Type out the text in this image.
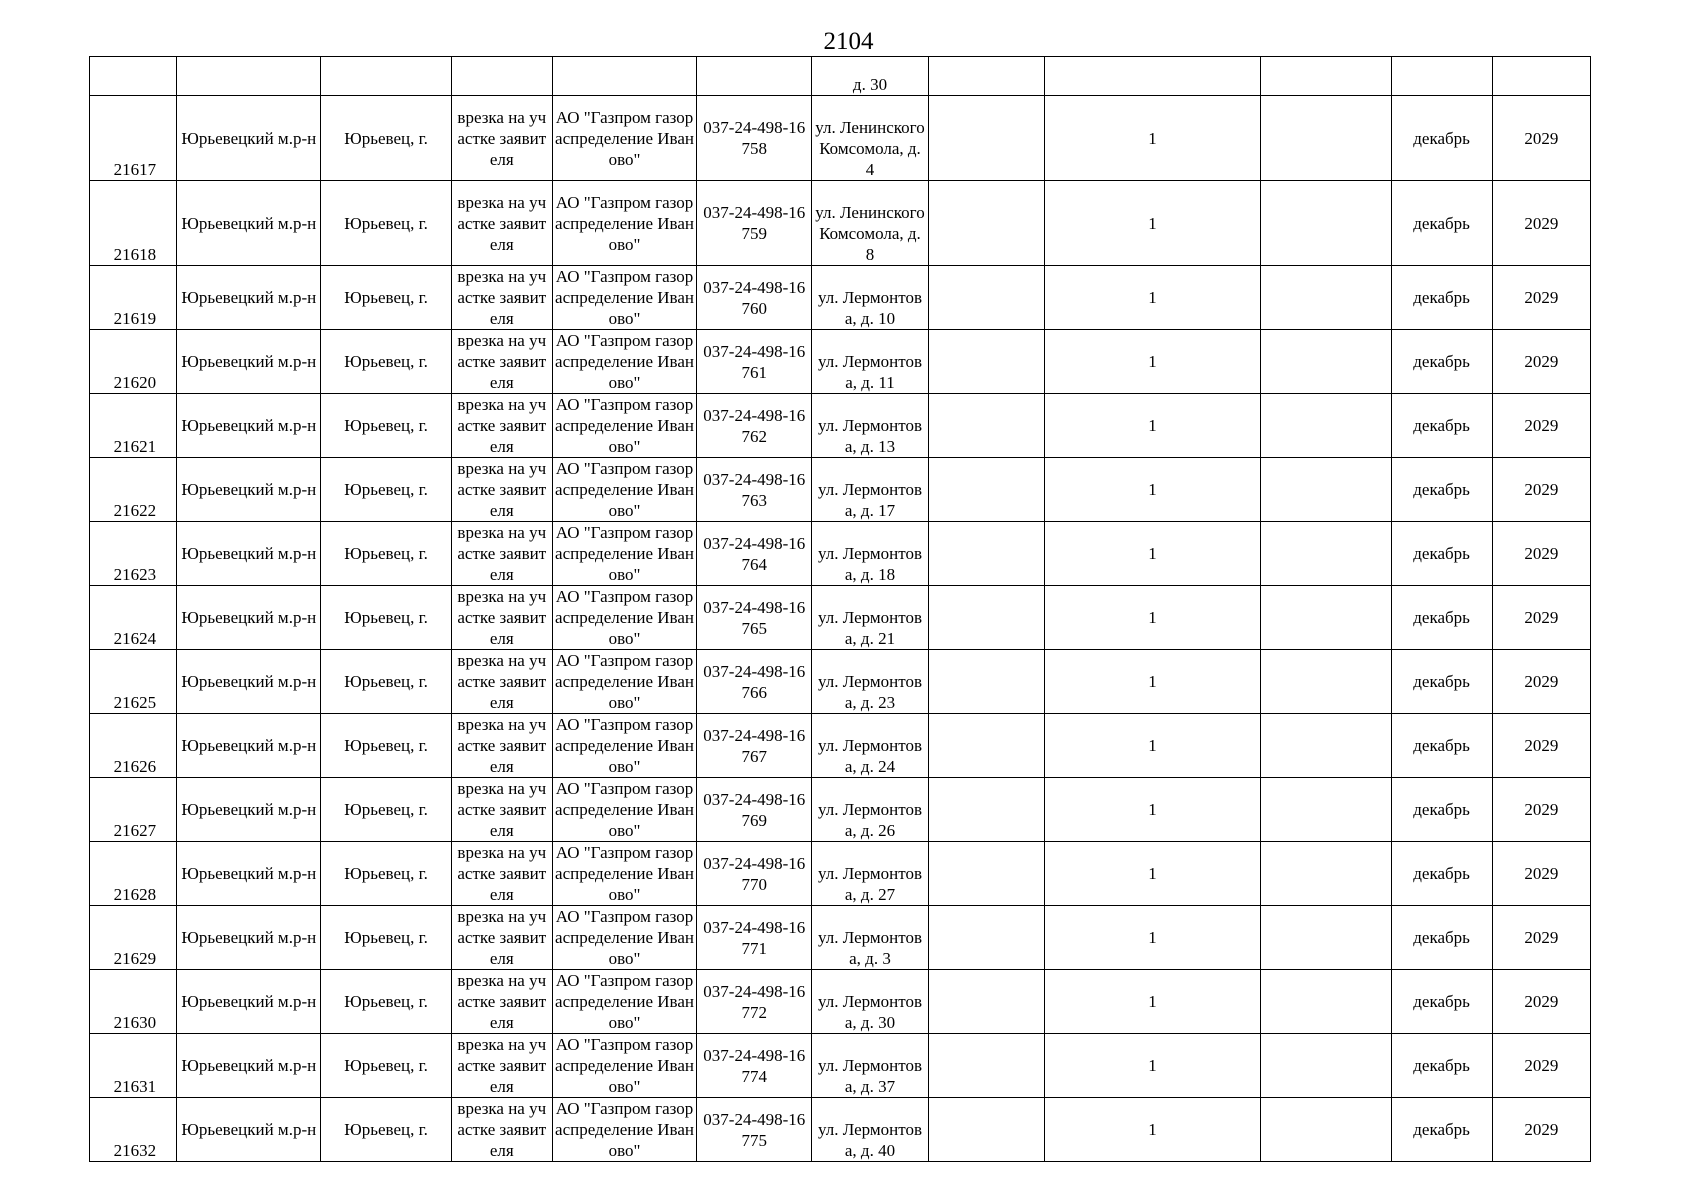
2104
						д. 30					
21617	Юрьевецкий м.р-н	Юрьевец, г.	врезка на участке заявителя	АО "Газпром газораспределение Иваново"	037-24-498-16758	ул. Ленинского Комсомола, д. 4		1		декабрь	2029
21618	Юрьевецкий м.р-н	Юрьевец, г.	врезка на участке заявителя	АО "Газпром газораспределение Иваново"	037-24-498-16759	ул. Ленинского Комсомола, д. 8		1		декабрь	2029
21619	Юрьевецкий м.р-н	Юрьевец, г.	врезка на участке заявителя	АО "Газпром газораспределение Иваново"	037-24-498-16760	ул. Лермонтова, д. 10		1		декабрь	2029
21620	Юрьевецкий м.р-н	Юрьевец, г.	врезка на участке заявителя	АО "Газпром газораспределение Иваново"	037-24-498-16761	ул. Лермонтова, д. 11		1		декабрь	2029
21621	Юрьевецкий м.р-н	Юрьевец, г.	врезка на участке заявителя	АО "Газпром газораспределение Иваново"	037-24-498-16762	ул. Лермонтова, д. 13		1		декабрь	2029
21622	Юрьевецкий м.р-н	Юрьевец, г.	врезка на участке заявителя	АО "Газпром газораспределение Иваново"	037-24-498-16763	ул. Лермонтова, д. 17		1		декабрь	2029
21623	Юрьевецкий м.р-н	Юрьевец, г.	врезка на участке заявителя	АО "Газпром газораспределение Иваново"	037-24-498-16764	ул. Лермонтова, д. 18		1		декабрь	2029
21624	Юрьевецкий м.р-н	Юрьевец, г.	врезка на участке заявителя	АО "Газпром газораспределение Иваново"	037-24-498-16765	ул. Лермонтова, д. 21		1		декабрь	2029
21625	Юрьевецкий м.р-н	Юрьевец, г.	врезка на участке заявителя	АО "Газпром газораспределение Иваново"	037-24-498-16766	ул. Лермонтова, д. 23		1		декабрь	2029
21626	Юрьевецкий м.р-н	Юрьевец, г.	врезка на участке заявителя	АО "Газпром газораспределение Иваново"	037-24-498-16767	ул. Лермонтова, д. 24		1		декабрь	2029
21627	Юрьевецкий м.р-н	Юрьевец, г.	врезка на участке заявителя	АО "Газпром газораспределение Иваново"	037-24-498-16769	ул. Лермонтова, д. 26		1		декабрь	2029
21628	Юрьевецкий м.р-н	Юрьевец, г.	врезка на участке заявителя	АО "Газпром газораспределение Иваново"	037-24-498-16770	ул. Лермонтова, д. 27		1		декабрь	2029
21629	Юрьевецкий м.р-н	Юрьевец, г.	врезка на участке заявителя	АО "Газпром газораспределение Иваново"	037-24-498-16771	ул. Лермонтова, д. 3		1		декабрь	2029
21630	Юрьевецкий м.р-н	Юрьевец, г.	врезка на участке заявителя	АО "Газпром газораспределение Иваново"	037-24-498-16772	ул. Лермонтова, д. 30		1		декабрь	2029
21631	Юрьевецкий м.р-н	Юрьевец, г.	врезка на участке заявителя	АО "Газпром газораспределение Иваново"	037-24-498-16774	ул. Лермонтова, д. 37		1		декабрь	2029
21632	Юрьевецкий м.р-н	Юрьевец, г.	врезка на участке заявителя	АО "Газпром газораспределение Иваново"	037-24-498-16775	ул. Лермонтова, д. 40		1		декабрь	2029
